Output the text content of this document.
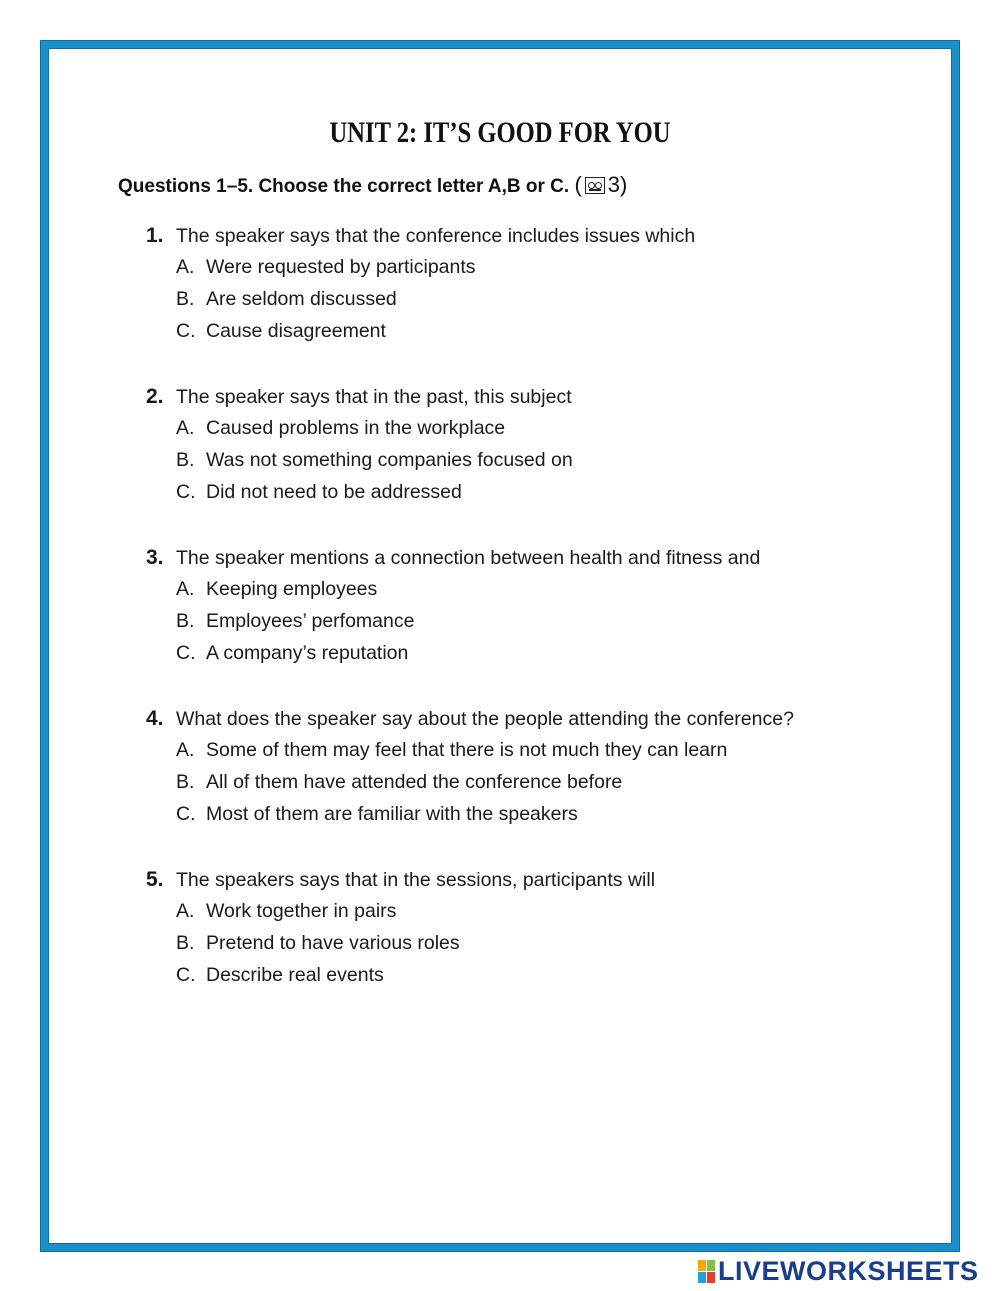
UNIT 2: IT’S GOOD FOR YOU
Questions 1–5. Choose the correct letter A,B or C. ( 3)
1. The speaker says that the conference includes issues which
A. Were requested by participants
B. Are seldom discussed
C. Cause disagreement
2. The speaker says that in the past, this subject
A. Caused problems in the workplace
B. Was not something companies focused on
C. Did not need to be addressed
3. The speaker mentions a connection between health and fitness and
A. Keeping employees
B. Employees’ perfomance
C. A company’s reputation
4. What does the speaker say about the people attending the conference?
A. Some of them may feel that there is not much they can learn
B. All of them have attended the conference before
C. Most of them are familiar with the speakers
5. The speakers says that in the sessions, participants will
A. Work together in pairs
B. Pretend to have various roles
C. Describe real events
LIVEWORKSHEETS
